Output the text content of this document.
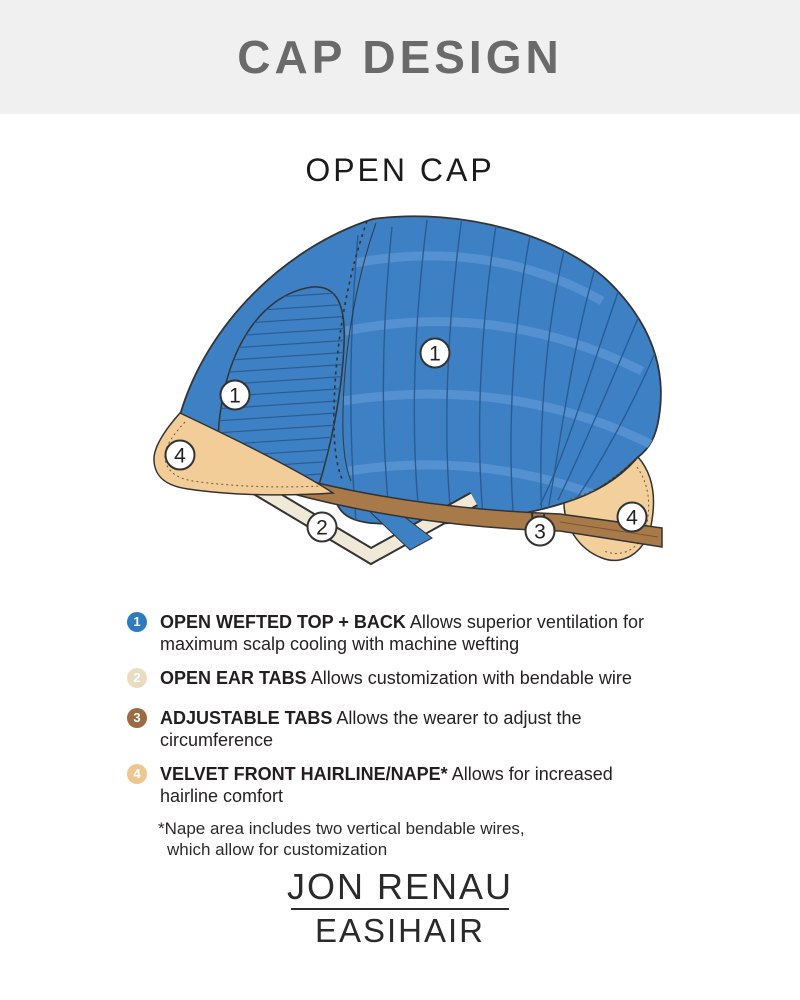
CAP DESIGN
OPEN CAP
1
1
4
2	3
4
1	OPEN WEFTED TOP + BACK Allows superior ventilation for
maximum scalp cooling with machine wefting

2	OPEN EAR TABS Allows customization with bendable wire

3	ADJUSTABLE TABS Allows the wearer to adjust the circumference

4	VELVET FRONT HAIRLINE/NAPE* Allows for increased
hairline comfort

*Nape area includes two vertical bendable wires,
which allow for customization

JON RENAU
EASIHAIR
